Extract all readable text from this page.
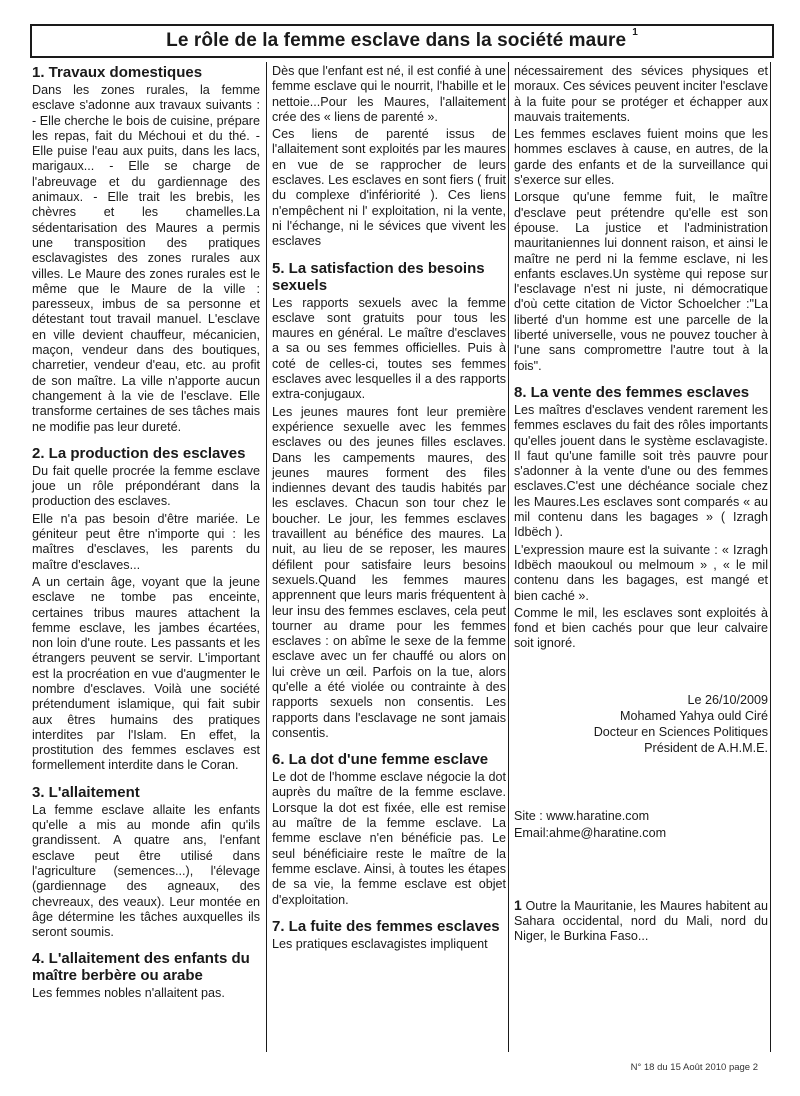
Le rôle de la femme esclave dans la société maure $^1$
1. Travaux domestiques

Dans les zones rurales, la femme esclave s'adonne aux travaux suivants : - Elle cherche le bois de cuisine, prépare les repas, fait du Méchoui et du thé. - Elle puise l'eau aux puits, dans les lacs, marigaux... - Elle se charge de l'abreuvage et du gardiennage des animaux. - Elle trait les brebis, les chèvres et les chamelles.La sédentarisation des Maures a permis une transposition des pratiques esclavagistes des zones rurales aux villes. Le Maure des zones rurales est le même que le Maure de la ville : paresseux, imbus de sa personne et détestant tout travail manuel. L'esclave en ville devient chauffeur, mécanicien, maçon, vendeur dans des boutiques, charretier, vendeur d'eau, etc. au profit de son maître. La ville n'apporte aucun changement à la vie de l'esclave. Elle transforme certaines de ses tâches mais ne modifie pas leur dureté.

2. La production des esclaves

Du fait quelle procrée la femme esclave joue un rôle prépondérant dans la production des esclaves.

Elle n'a pas besoin d'être mariée. Le géniteur peut être n'importe qui : les maîtres d'esclaves, les parents du maître d'esclaves...

A un certain âge, voyant que la jeune esclave ne tombe pas enceinte, certaines tribus maures attachent la femme esclave, les jambes écartées, non loin d'une route. Les passants et les étrangers peuvent se servir. L'important est la procréation en vue d'augmenter le nombre d'esclaves. Voilà une société prétendument islamique, qui fait subir aux êtres humains des pratiques interdites par l'Islam. En effet, la prostitution des femmes esclaves est formellement interdite dans le Coran.

3. L'allaitement

La femme esclave allaite les enfants qu'elle a mis au monde afin qu'ils grandissent. A quatre ans, l'enfant esclave peut être utilisé dans l'agriculture (semences...), l'élevage (gardiennage des agneaux, des chevreaux, des veaux). Leur montée en âge détermine les tâches auxquelles ils seront soumis.

4. L'allaitement des enfants du maître berbère ou arabe

Les femmes nobles n'allaitent pas.

Dès que l'enfant est né, il est confié à une femme esclave qui le nourrit, l'habille et le nettoie...Pour les Maures, l'allaitement crée des « liens de parenté ».

Ces liens de parenté issus de l'allaitement sont exploités par les maures en vue de se rapprocher de leurs esclaves. Les esclaves en sont fiers ( fruit du complexe d'infériorité ). Ces liens n'empêchent ni l' exploitation, ni la vente, ni l'échange, ni le sévices que vivent les esclaves

5. La satisfaction des besoins sexuels

Les rapports sexuels avec la femme esclave sont gratuits pour tous les maures en général. Le maître d'esclaves a sa ou ses femmes officielles. Puis à coté de celles-ci, toutes ses femmes esclaves avec lesquelles il a des rapports extra-conjugaux.

Les jeunes maures font leur première expérience sexuelle avec les femmes esclaves ou des jeunes filles esclaves. Dans les campements maures, des jeunes maures forment des files indiennes devant des taudis habités par les esclaves. Chacun son tour chez le boucher. Le jour, les femmes esclaves travaillent au bénéfice des maures. La nuit, au lieu de se reposer, les maures défilent pour satisfaire leurs besoins sexuels.Quand les femmes maures apprennent que leurs maris fréquentent à leur insu des femmes esclaves, cela peut tourner au drame pour les femmes esclaves : on abîme le sexe de la femme esclave avec un fer chauffé ou alors on lui crève un œil. Parfois on la tue, alors qu'elle a été violée ou contrainte à des rapports sexuels non consentis. Les rapports dans l'esclavage ne sont jamais consentis.

6. La dot d'une femme esclave

Le dot de l'homme esclave négocie la dot auprès du maître de la femme esclave. Lorsque la dot est fixée, elle est remise au maître de la femme esclave. La femme esclave n'en bénéficie pas. Le seul bénéficiaire reste le maître de la femme esclave. Ainsi, à toutes les étapes de sa vie, la femme esclave est objet d'exploitation.

7. La fuite des femmes esclaves

Les pratiques esclavagistes impliquent

nécessairement des sévices physiques et moraux. Ces sévices peuvent inciter l'esclave à la fuite pour se protéger et échapper aux mauvais traitements.

Les femmes esclaves fuient moins que les hommes esclaves à cause, en autres, de la garde des enfants et de la surveillance qui s'exerce sur elles.

Lorsque qu'une femme fuit, le maître d'esclave peut prétendre qu'elle est son épouse. La justice et l'administration mauritaniennes lui donnent raison, et ainsi le maître ne perd ni la femme esclave, ni les enfants esclaves.Un système qui repose sur l'esclavage n'est ni juste, ni démocratique d'où cette citation de Victor Schoelcher :"La liberté d'un homme est une parcelle de la liberté universelle, vous ne pouvez toucher à l'une sans compromettre l'autre tout à la fois".

8. La vente des femmes esclaves

Les maîtres d'esclaves vendent rarement les femmes esclaves du fait des rôles importants qu'elles jouent dans le système esclavagiste. Il faut qu'une famille soit très pauvre pour s'adonner à la vente d'une ou des femmes esclaves.C'est une déchéance sociale chez les Maures.Les esclaves sont comparés « au mil contenu dans les bagages » ( Izragh Idbëch ).

L'expression maure est la suivante : « Izragh Idbëch maoukoul ou melmoum » , « le mil contenu dans les bagages, est mangé et bien caché ».

Comme le mil, les esclaves sont exploités à fond et bien cachés pour que leur calvaire soit ignoré.

Le 26/10/2009
Mohamed Yahya ould Ciré
Docteur en Sciences Politiques
Président de A.H.M.E.
Site : www.haratine.com
Email:ahme@haratine.com
1 Outre la Mauritanie, les Maures habitent au Sahara occidental, nord du Mali, nord du Niger, le Burkina Faso...
N° 18 du 15 Août 2010 page 2
